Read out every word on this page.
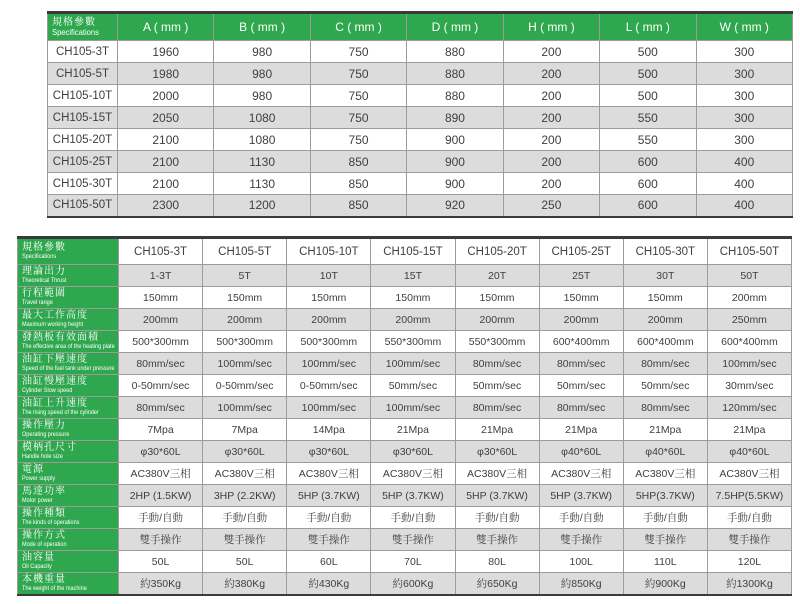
規格參數
Specifications	A ( mm )	B ( mm )	C ( mm )	D ( mm )	H ( mm )	L ( mm )	W ( mm )
CH105-3T	1960	980	750	880	200	500	300
CH105-5T	1980	980	750	880	200	500	300
CH105-10T	2000	980	750	880	200	500	300
CH105-15T	2050	1080	750	890	200	550	300
CH105-20T	2100	1080	750	900	200	550	300
CH105-25T	2100	1130	850	900	200	600	400
CH105-30T	2100	1130	850	900	200	600	400
CH105-50T	2300	1200	850	920	250	600	400
規格參數
Specifications	CH105-3T	CH105-5T	CH105-10T	CH105-15T	CH105-20T	CH105-25T	CH105-30T	CH105-50T

理論出力
Theoretical Thrust	1-3T	5T	10T	15T	20T	25T	30T	50T

行程範圍
Travel range	150mm	150mm	150mm	150mm	150mm	150mm	150mm	200mm

最大工作高度
Maximum working height	200mm	200mm	200mm	200mm	200mm	200mm	200mm	250mm

發熱板有效面積
The effective area of the heating plate	500*300mm	500*300mm	500*300mm	550*300mm	550*300mm	600*400mm	600*400mm	600*400mm

油缸下壓速度
Speed of the fuel tank under pressure	80mm/sec	100mm/sec	100mm/sec	100mm/sec	80mm/sec	80mm/sec	80mm/sec	100mm/sec

油缸慢壓速度
Cylinder Slow speed	0-50mm/sec	0-50mm/sec	0-50mm/sec	50mm/sec	50mm/sec	50mm/sec	50mm/sec	30mm/sec

油缸上升速度
The rising speed of the cylinder	80mm/sec	100mm/sec	100mm/sec	100mm/sec	80mm/sec	80mm/sec	80mm/sec	120mm/sec

操作壓力
Operating pressure	7Mpa	7Mpa	14Mpa	21Mpa	21Mpa	21Mpa	21Mpa	21Mpa

模柄孔尺寸
Handle hole size	φ30*60L	φ30*60L	φ30*60L	φ30*60L	φ30*60L	φ40*60L	φ40*60L	φ40*60L

電源
Power supply	AC380V三相	AC380V三相	AC380V三相	AC380V三相	AC380V三相	AC380V三相	AC380V三相	AC380V三相

馬達功率
Motor power	2HP (1.5KW)	3HP (2.2KW)	5HP (3.7KW)	5HP (3.7KW)	5HP (3.7KW)	5HP (3.7KW)	5HP(3.7KW)	7.5HP(5.5KW)

操作種類
The kinds of operations	手動/自動	手動/自動	手動/自動	手動/自動	手動/自動	手動/自動	手動/自動	手動/自動

操作方式
Mode of operation	雙手操作	雙手操作	雙手操作	雙手操作	雙手操作	雙手操作	雙手操作	雙手操作

油容量
Oil Capacity	50L	50L	60L	70L	80L	100L	110L	120L

本機重量
The weight of the machine	約350Kg	約380Kg	約430Kg	約600Kg	約650Kg	約850Kg	約900Kg	約1300Kg
